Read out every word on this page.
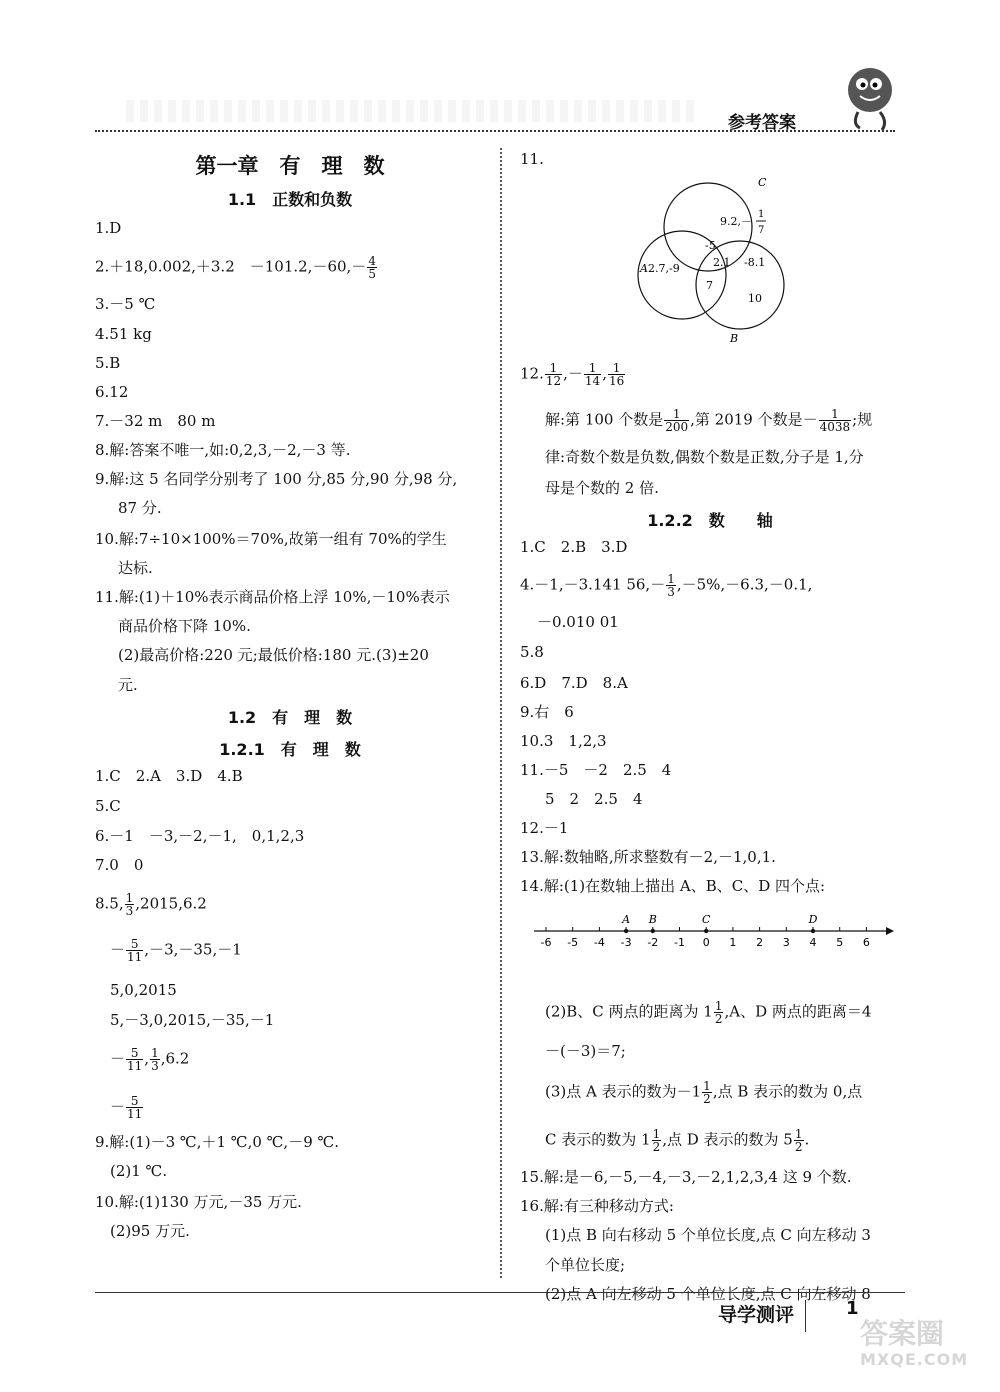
参考答案
第一章　有　理　数
1.1　正数和负数
1.D
2.＋18,0.002,＋3.2　$-101.2,-60,- \frac{4}{5}$
3.－5 ℃
4.51 kg
5.B
6.12
7.－32 m　80 m
8.解:答案不唯一,如:0,2,3,－2,－3 等.
9.解:这 5 名同学分别考了 100 分,85 分,90 分,98 分,
87 分.
10.解:7÷10×100%＝70%,故第一组有 70%的学生
达标.
11.解:(1)＋10%表示商品价格上浮 10%,－10%表示
商品价格下降 10%.
(2)最高价格:220 元;最低价格:180 元.(3)±20
元.
1.2　有　理　数
1.2.1　有　理　数
1.C　2.A　3.D　4.B
5.C
6.－1　－3,－2,－1,　0,1,2,3
7.0　0
8.5, $\frac{1}{3} ,2015,6.2$
－ $\frac{5}{11} ,-3,-35,-1$
5,0,2015
5,－3,0,2015,－35,－1
－ $\frac{5}{11}$ , $\frac{1}{3} ,6.2$
－ $\frac{5}{11}$
9.解:(1)－3 ℃,＋1 ℃,0 ℃,－9 ℃.
(2)1 ℃.
10.解:(1)130 万元,－35 万元.
(2)95 万元.
11.
C
A
B
2.7,-9
9.2,－
1
7
-5
2.1 -8.1
7
10
12. $\frac{1}{12}$ ,－ $\frac{1}{14}$ , $\frac{1}{16}$
解:第 100 个数是 $\frac{1}{200}$ ,第 2019 个数是－ $\frac{1}{4038}$ ;规
律:奇数个数是负数,偶数个数是正数,分子是 1,分
母是个数的 2 倍.
1.2.2　数　　轴
1.C　2.B　3.D
4.－1,－3.141 $56,- \frac{1}{3} ,-5\%,-6.3,-0.1$,
－0.010 01
5.8
6.D　7.D　8.A
9.右　6
10.3　1,2,3
11.－5　－2　2.5　4
5　2　2.5　4
12.－1
13.解:数轴略,所求整数有－2,－1,0,1.
14.解:(1)在数轴上描出 A、B、C、D 四个点:
-6 -5 -4 -3 -2 -1 0 1 2 3 4 5 6
A B	C	D
(2)B、C 两点的距离为 $1 \frac{1}{2} ,A$、D 两点的距离＝4
－(－3)＝7;
(3)点 A 表示的数为$-1 \frac{1}{2}$ ,点 B 表示的数为 0,点
C 表示的数为 $1 \frac{1}{2}$ ,点 D 表示的数为 $5 \frac{1}{2}$ .
15.解:是－6,－5,－4,－3,－2,1,2,3,4 这 9 个数.
16.解:有三种移动方式:
(1)点 B 向右移动 5 个单位长度,点 C 向左移动 3
个单位长度;
(2)点 A 向左移动 5 个单位长度,点 C 向左移动 8
导学测评	1
答案圈
MXQE.COM
